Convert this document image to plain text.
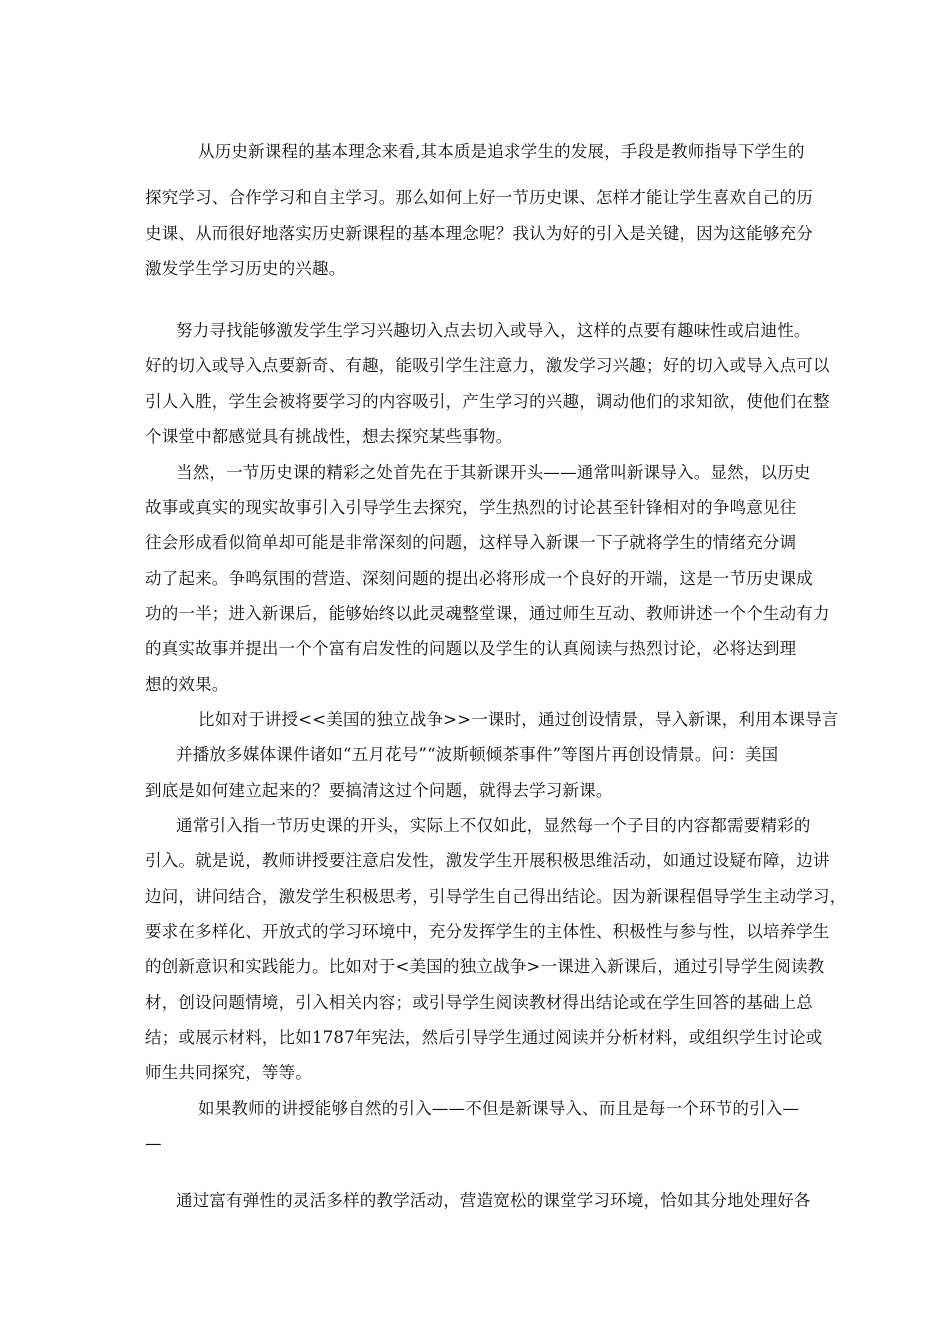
从历史新课程的基本理念来看,其本质是追求学生的发展，手段是教师指导下学生的
探究学习、合作学习和自主学习。那么如何上好一节历史课、怎样才能让学生喜欢自己的历
史课、从而很好地落实历史新课程的基本理念呢？我认为好的引入是关键，因为这能够充分
激发学生学习历史的兴趣。
努力寻找能够激发学生学习兴趣切入点去切入或导入，这样的点要有趣味性或启迪性。
好的切入或导入点要新奇、有趣，能吸引学生注意力，激发学习兴趣；好的切入或导入点可以
引人入胜，学生会被将要学习的内容吸引，产生学习的兴趣，调动他们的求知欲，使他们在整
个课堂中都感觉具有挑战性，想去探究某些事物。
当然，一节历史课的精彩之处首先在于其新课开头——通常叫新课导入。显然，以历史
故事或真实的现实故事引入引导学生去探究，学生热烈的讨论甚至针锋相对的争鸣意见往
往会形成看似简单却可能是非常深刻的问题，这样导入新课一下子就将学生的情绪充分调
动了起来。争鸣氛围的营造、深刻问题的提出必将形成一个良好的开端，这是一节历史课成
功的一半；进入新课后，能够始终以此灵魂整堂课，通过师生互动、教师讲述一个个生动有力
的真实故事并提出一个个富有启发性的问题以及学生的认真阅读与热烈讨论，必将达到理
想的效果。
比如对于讲授<<美国的独立战争>>一课时，通过创设情景，导入新课，利用本课导言
并播放多媒体课件诸如“五月花号”“波斯顿倾茶事件”等图片再创设情景。问：美国
到底是如何建立起来的？要搞清这过个问题，就得去学习新课。
通常引入指一节历史课的开头，实际上不仅如此，显然每一个子目的内容都需要精彩的
引入。就是说，教师讲授要注意启发性，激发学生开展积极思维活动，如通过设疑布障，边讲
边问，讲问结合，激发学生积极思考，引导学生自己得出结论。因为新课程倡导学生主动学习，
要求在多样化、开放式的学习环境中，充分发挥学生的主体性、积极性与参与性，以培养学生
的创新意识和实践能力。比如对于<美国的独立战争>一课进入新课后，通过引导学生阅读教
材，创设问题情境，引入相关内容；或引导学生阅读教材得出结论或在学生回答的基础上总
结；或展示材料，比如1787年宪法，然后引导学生通过阅读并分析材料，或组织学生讨论或
师生共同探究，等等。
如果教师的讲授能够自然的引入——不但是新课导入、而且是每一个环节的引入—
—
通过富有弹性的灵活多样的教学活动，营造宽松的课堂学习环境，恰如其分地处理好各
